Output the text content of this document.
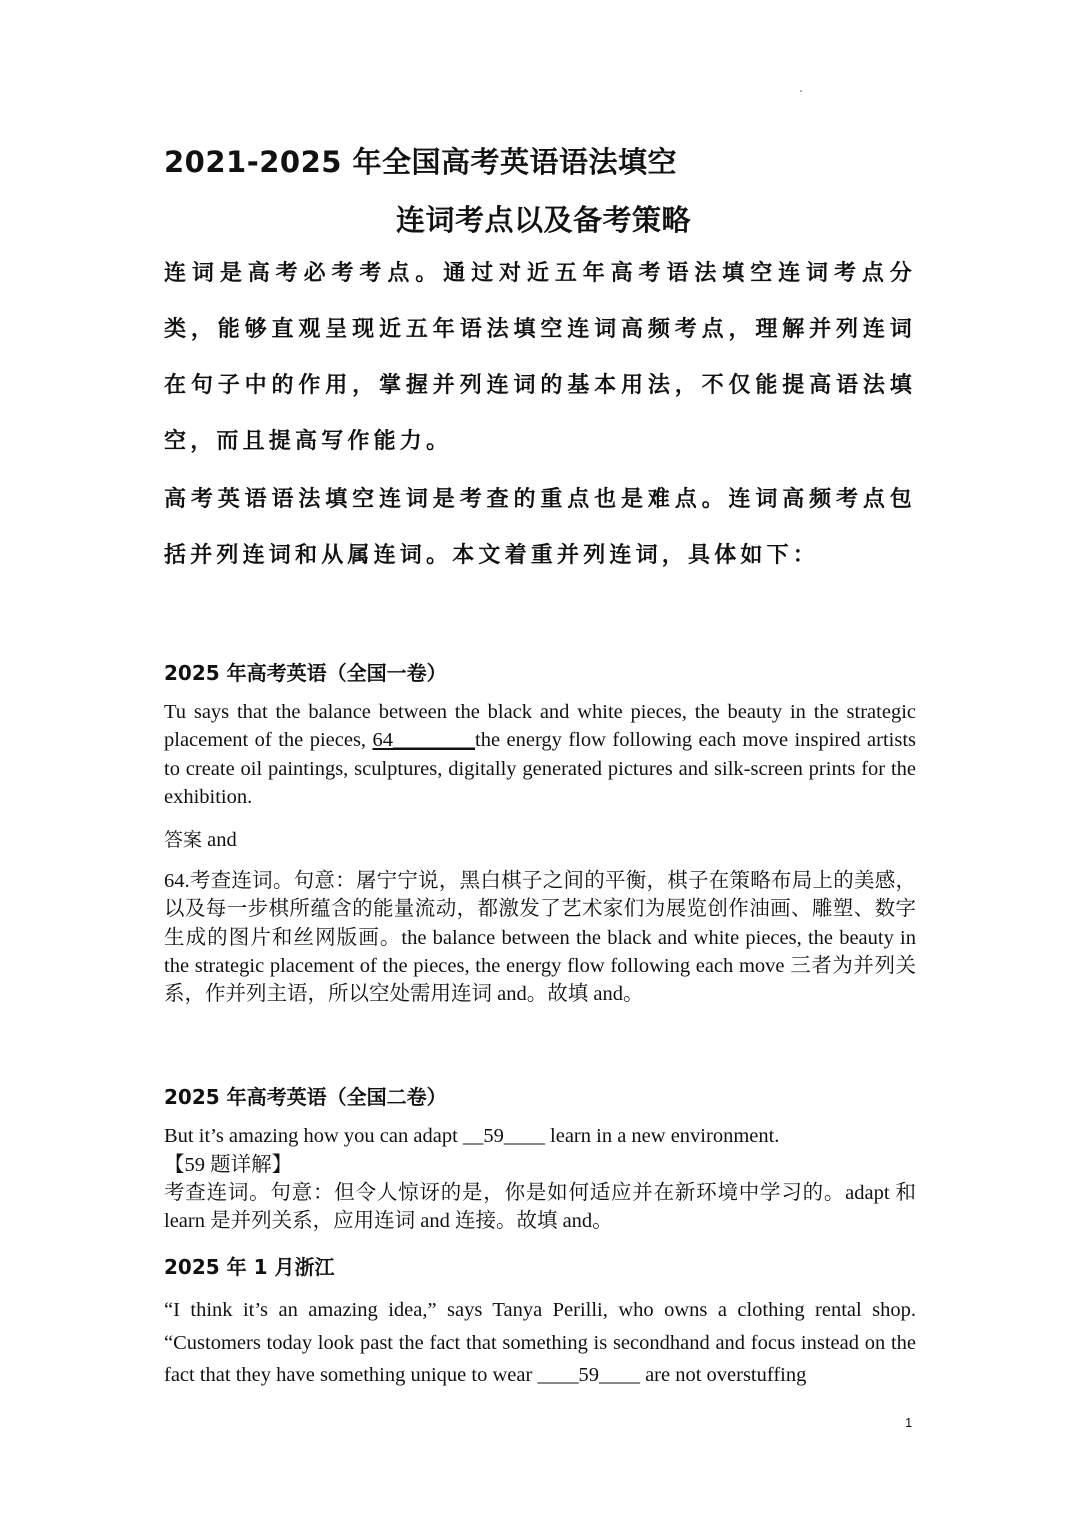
2021-2025 年全国高考英语语法填空
连词考点以及备考策略
连词是高考必考考点。通过对近五年高考语法填空连词考点分类，能够直观呈现近五年语法填空连词高频考点，理解并列连词在句子中的作用，掌握并列连词的基本用法，不仅能提高语法填空，而且提高写作能力。
高考英语语法填空连词是考查的重点也是难点。连词高频考点包括并列连词和从属连词。本文着重并列连词，具体如下：
2025 年高考英语（全国一卷）
Tu says that the balance between the black and white pieces, the beauty in the strategic placement of the pieces, 64________the energy flow following each move inspired artists to create oil paintings, sculptures, digitally generated pictures and silk-screen prints for the exhibition.
答案 and
64.考查连词。句意：屠宁宁说，黑白棋子之间的平衡，棋子在策略布局上的美感，以及每一步棋所蕴含的能量流动，都激发了艺术家们为展览创作油画、雕塑、数字生成的图片和丝网版画。the balance between the black and white pieces, the beauty in the strategic placement of the pieces, the energy flow following each move 三者为并列关系，作并列主语，所以空处需用连词 and。故填 and。
2025 年高考英语（全国二卷）
But it’s amazing how you can adapt __59____ learn in a new environment.
【59 题详解】
考查连词。句意：但令人惊讶的是，你是如何适应并在新环境中学习的。adapt 和 learn 是并列关系，应用连词 and 连接。故填 and。
2025 年 1 月浙江
“I think it’s an amazing idea,” says Tanya Perilli, who owns a clothing rental shop. “Customers today look past the fact that something is secondhand and focus instead on the fact that they have something unique to wear ____59____ are not overstuffing
1
